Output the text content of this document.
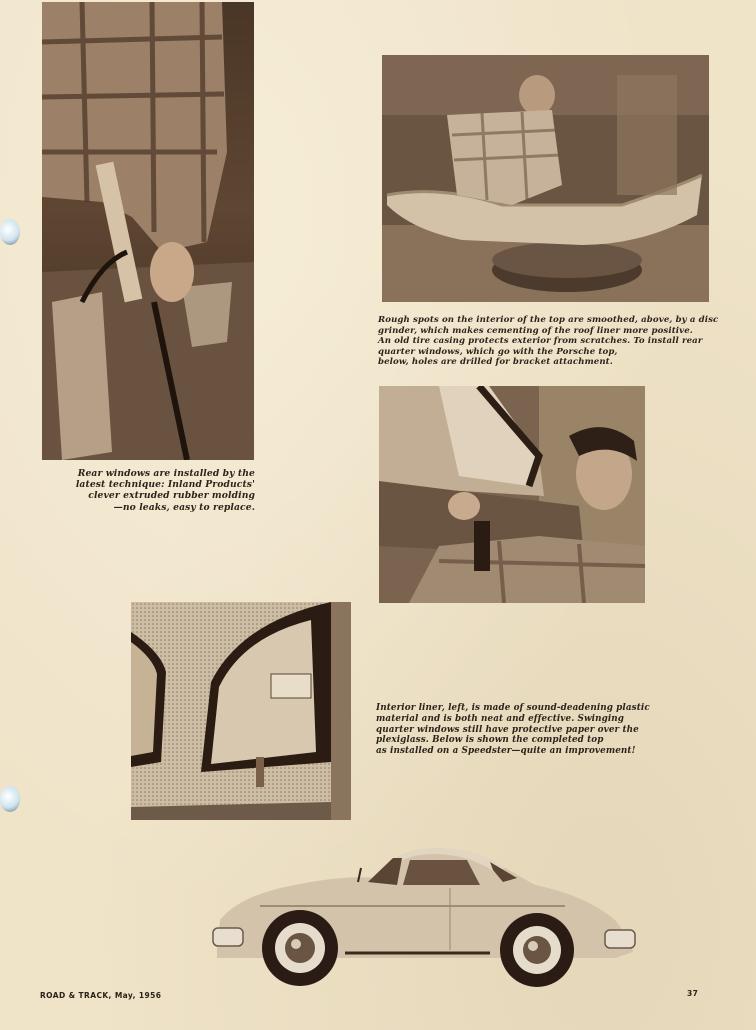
Rear windows are installed by the
latest technique: Inland Products'
clever extruded rubber molding
—no leaks, easy to replace.
Rough spots on the interior of the top are smoothed, above, by a disc
grinder, which makes cementing of the roof liner more positive.
An old tire casing protects exterior from scratches. To install rear
quarter windows, which go with the Porsche top,
below, holes are drilled for bracket attachment.
Interior liner, left, is made of sound-deadening plastic
material and is both neat and effective. Swinging
quarter windows still have protective paper over the
plexiglass. Below is shown the completed top
as installed on a Speedster—quite an improvement!
ROAD & TRACK, May, 1956	37
